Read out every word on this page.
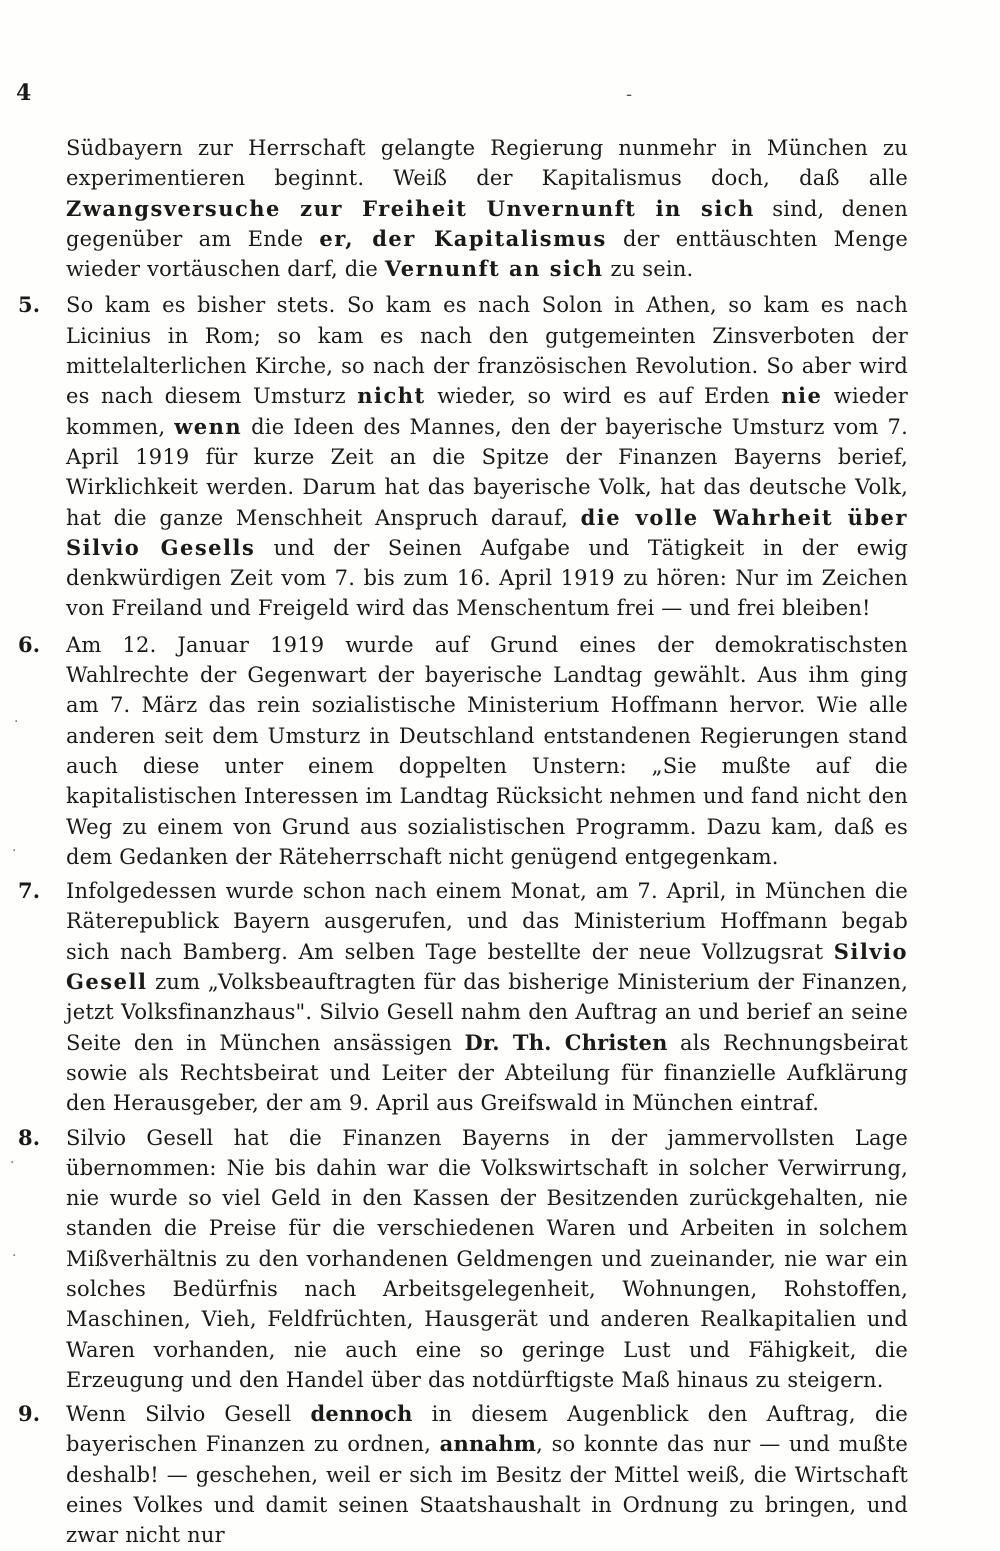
4	-

Südbayern zur Herrschaft gelangte Regierung nunmehr in München zu experimentieren beginnt. Weiß der Kapitalismus doch, daß alle Zwangsversuche zur Freiheit Unvernunft in sich sind, denen gegenüber am Ende er, der Kapitalismus der enttäuschten Menge wieder vortäuschen darf, die Vernunft an sich zu sein.

5. So kam es bisher stets. So kam es nach Solon in Athen, so kam es nach Licinius in Rom; so kam es nach den gutgemeinten Zinsverboten der mittelalterlichen Kirche, so nach der französischen Revolution. So aber wird es nach diesem Umsturz nicht wieder, so wird es auf Erden nie wieder kommen, wenn die Ideen des Mannes, den der bayerische Umsturz vom 7. April 1919 für kurze Zeit an die Spitze der Finanzen Bayerns berief, Wirklichkeit werden. Darum hat das bayerische Volk, hat das deutsche Volk, hat die ganze Menschheit Anspruch darauf, die volle Wahrheit über Silvio Gesells und der Seinen Aufgabe und Tätigkeit in der ewig denkwürdigen Zeit vom 7. bis zum 16. April 1919 zu hören: Nur im Zeichen von Freiland und Freigeld wird das Menschentum frei — und frei bleiben!

6. Am 12. Januar 1919 wurde auf Grund eines der demokratischsten Wahlrechte der Gegenwart der bayerische Landtag gewählt. Aus ihm ging am 7. März das rein sozialistische Ministerium Hoffmann hervor. Wie alle anderen seit dem Umsturz in Deutschland entstandenen Regierungen stand auch diese unter einem doppelten Unstern: „Sie mußte auf die kapitalistischen Interessen im Landtag Rücksicht nehmen und fand nicht den Weg zu einem von Grund aus sozialistischen Programm. Dazu kam, daß es dem Gedanken der Räteherrschaft nicht genügend entgegenkam.

7. Infolgedessen wurde schon nach einem Monat, am 7. April, in München die Räterepublick Bayern ausgerufen, und das Ministerium Hoffmann begab sich nach Bamberg. Am selben Tage bestellte der neue Vollzugsrat Silvio Gesell zum „Volksbeauftragten für das bisherige Ministerium der Finanzen, jetzt Volksfinanzhaus". Silvio Gesell nahm den Auftrag an und berief an seine Seite den in München ansässigen Dr. Th. Christen als Rechnungsbeirat sowie als Rechtsbeirat und Leiter der Abteilung für finanzielle Aufklärung den Herausgeber, der am 9. April aus Greifswald in München eintraf.

8. Silvio Gesell hat die Finanzen Bayerns in der jammervollsten Lage übernommen: Nie bis dahin war die Volkswirtschaft in solcher Verwirrung, nie wurde so viel Geld in den Kassen der Besitzenden zurückgehalten, nie standen die Preise für die verschiedenen Waren und Arbeiten in solchem Mißverhältnis zu den vorhandenen Geldmengen und zueinander, nie war ein solches Bedürfnis nach Arbeitsgelegenheit, Wohnungen, Rohstoffen, Maschinen, Vieh, Feldfrüchten, Hausgerät und anderen Realkapitalien und Waren vorhanden, nie auch eine so geringe Lust und Fähigkeit, die Erzeugung und den Handel über das notdürftigste Maß hinaus zu steigern.

9. Wenn Silvio Gesell dennoch in diesem Augenblick den Auftrag, die bayerischen Finanzen zu ordnen, annahm, so konnte das nur — und mußte deshalb! — geschehen, weil er sich im Besitz der Mittel weiß, die Wirtschaft eines Volkes und damit seinen Staatshaushalt in Ordnung zu bringen, und zwar nicht nur

·
·
·
·
